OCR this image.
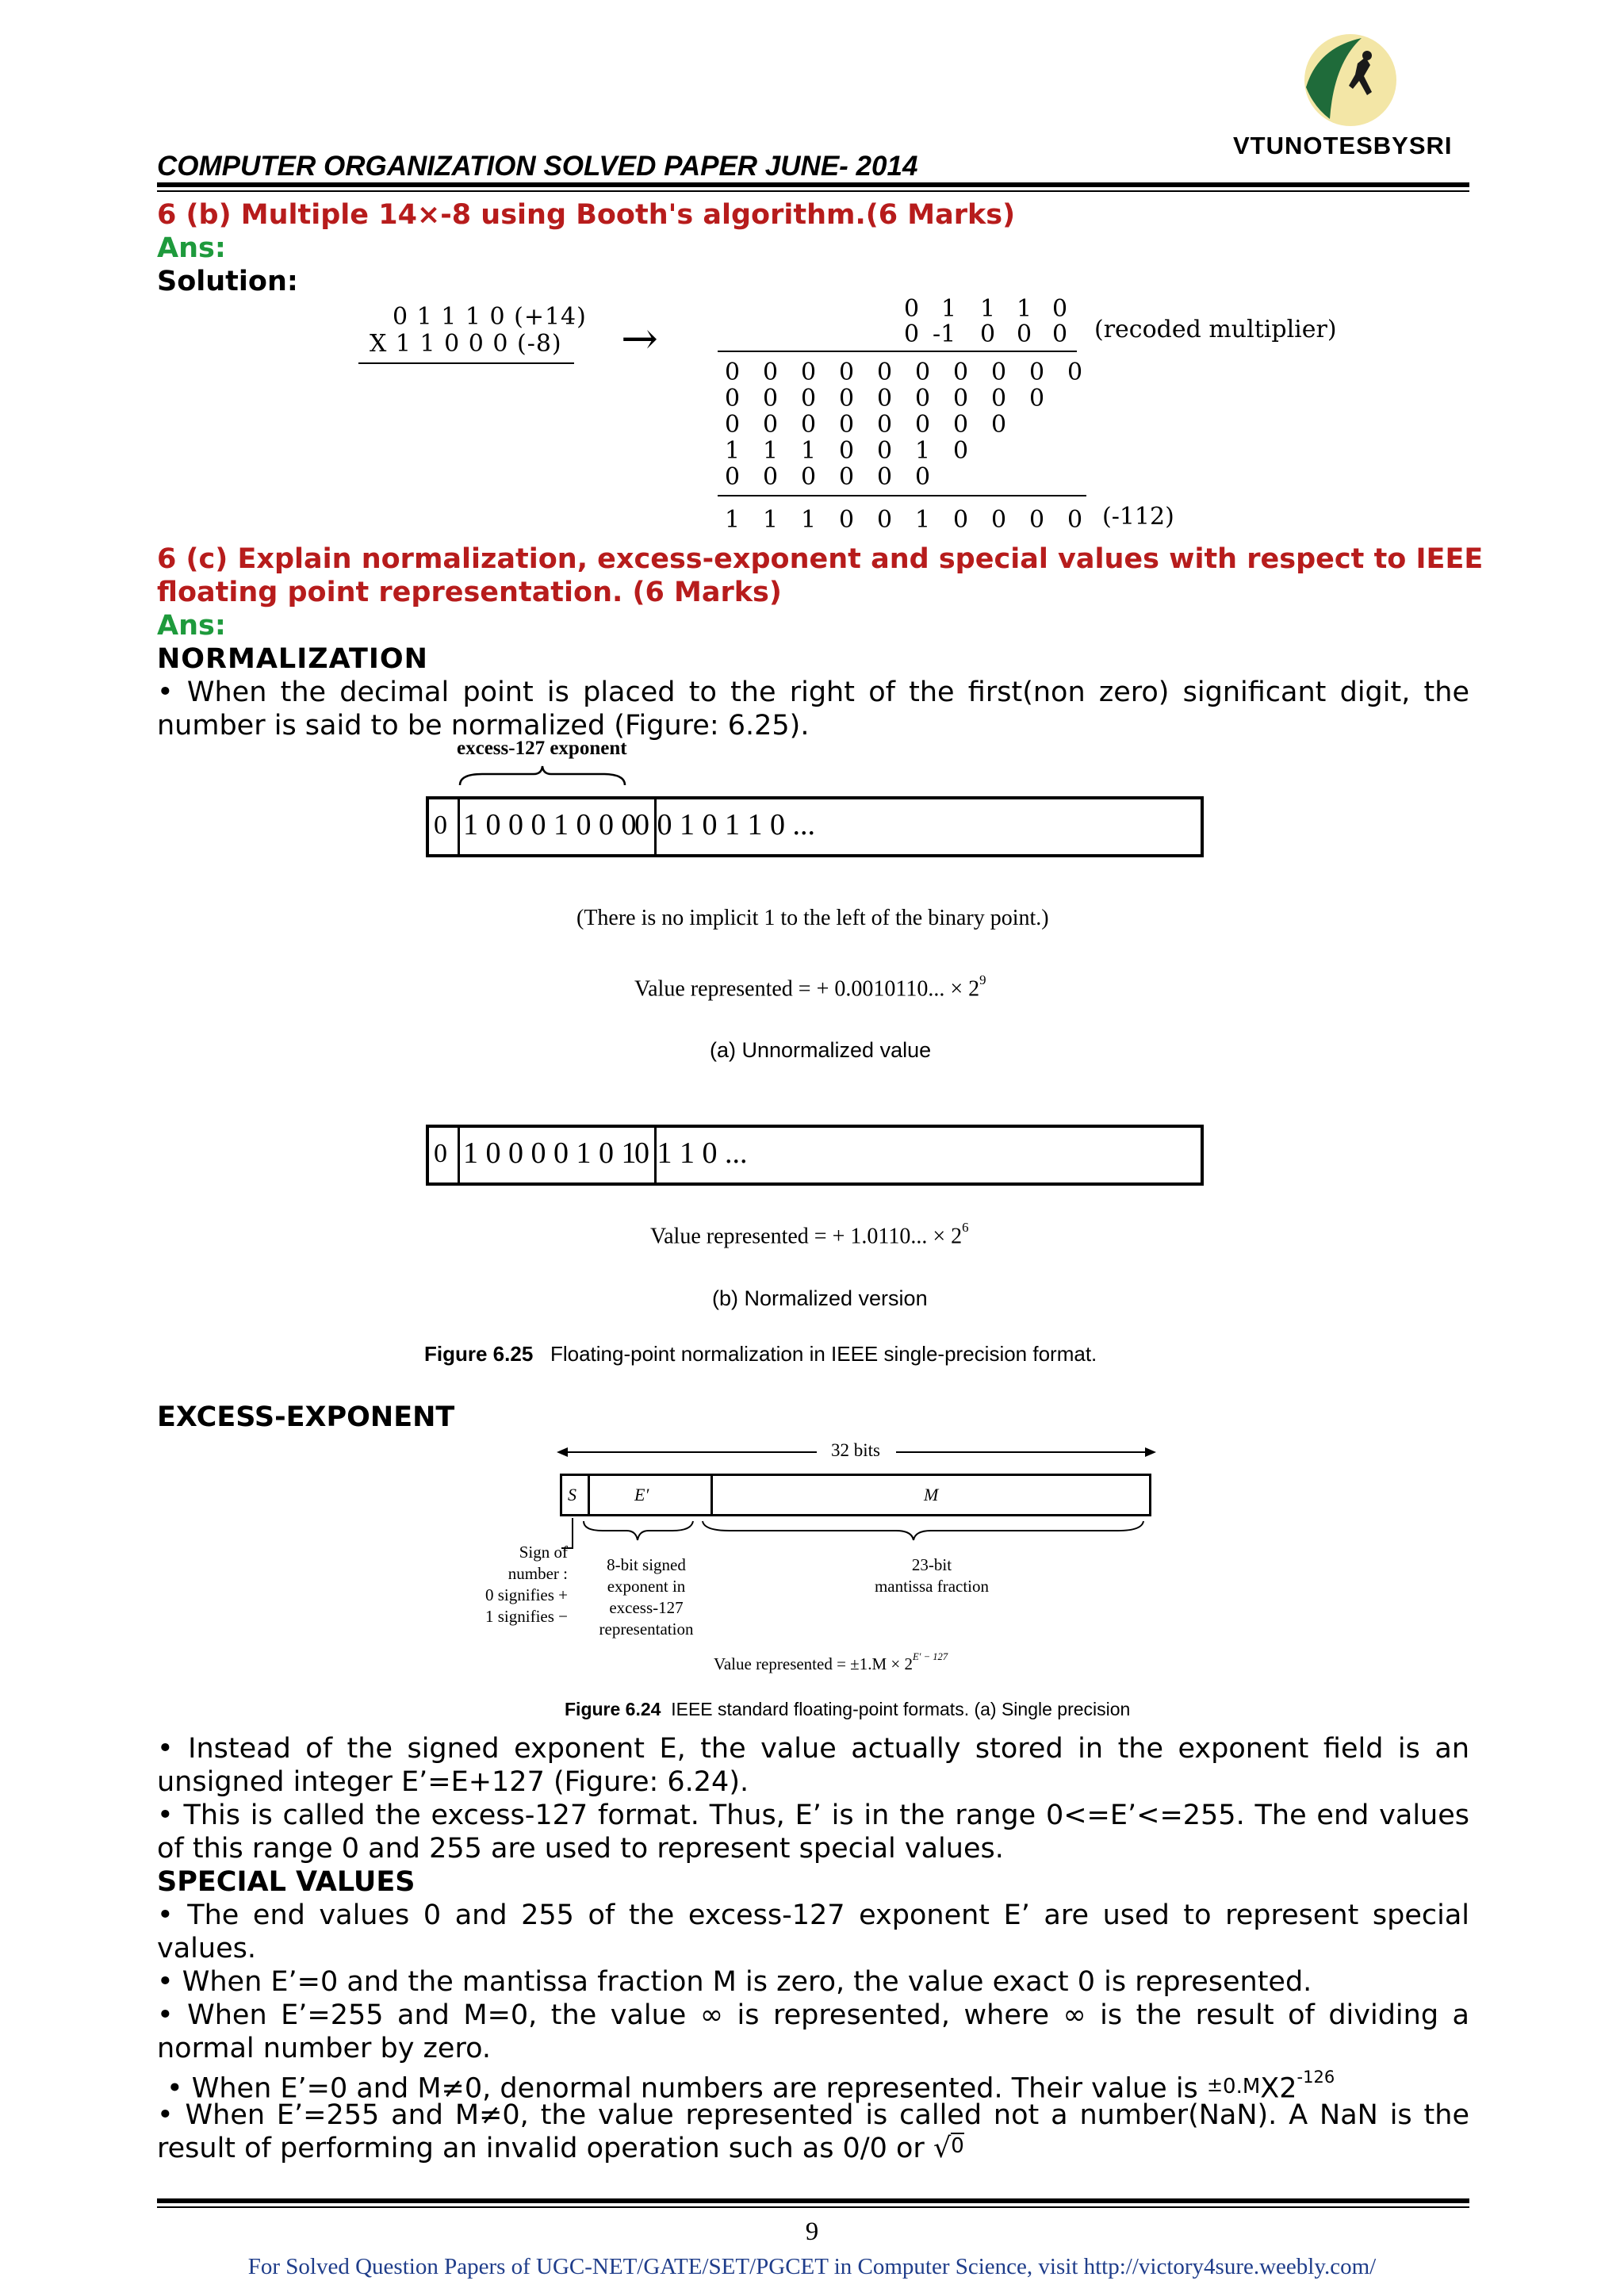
VTUNOTESBYSRI
COMPUTER ORGANIZATION SOLVED PAPER JUNE- 2014
6 (b) Multiple 14×-8 using Booth's algorithm.(6 Marks)
Ans:
Solution:
0 1 1 1 0 (+14)
X 1 1 0 0 0 (-8) →
0 1 1 1 0
0 -1 0 0 0 (recoded multiplier)
0 0 0 0 0 0 0 0 0 0
0 0 0 0 0 0 0 0 0
0 0 0 0 0 0 0 0
1 1 1 0 0 1 0
0 0 0 0 0 0
1 1 1 0 0 1 0 0 0 0 (-112)
6 (c) Explain normalization, excess-exponent and special values with respect to IEEE
floating point representation. (6 Marks)
Ans:
NORMALIZATION
• When the decimal point is placed to the right of the first(non zero) significant digit, the number is said to be normalized (Figure: 6.25).
excess-127 exponent
0 1 0 0 0 1 0 0 0
0 0 1 0 1 1 0 ...
(There is no implicit 1 to the left of the binary point.)
Value represented = + 0.0010110... × $2^9$
(a) Unnormalized value
0 1 0 0 0 0 1 0 1
0 1 1 0 ...
Value represented = + 1.0110... × $2^6$
(b) Normalized version
Figure 6.25 Floating-point normalization in IEEE single-precision format.
EXCESS-EXPONENT
32 bits
S	E′	M
Sign of
number :
0 signifies +
1 signifies −
8-bit signed
exponent in
excess-127
representation
23-bit
mantissa fraction
Value represented = $\pm 1.M \times 2^{E' - 127}$
Figure 6.24 IEEE standard floating-point formats. (a) Single precision
• Instead of the signed exponent E, the value actually stored in the exponent field is an unsigned integer E’=E+127 (Figure: 6.24).
• This is called the excess-127 format. Thus, E’ is in the range 0<=E’<=255. The end values of this range 0 and 255 are used to represent special values.
SPECIAL VALUES
• The end values 0 and 255 of the excess-127 exponent E’ are used to represent special values.
• When E’=0 and the mantissa fraction M is zero, the value exact 0 is represented.
• When E’=255 and M=0, the value ∞ is represented, where ∞ is the result of dividing a normal number by zero.
• When E’=0 and M≠0, denormal numbers are represented. Their value is $^\pm 0.MX2^{-126}$
• When E’=255 and M≠0, the value represented is called not a number(NaN). A NaN is the result of performing an invalid operation such as 0/0 or √0
9
For Solved Question Papers of UGC-NET/GATE/SET/PGCET in Computer Science, visit http://victory4sure.weebly.com/
